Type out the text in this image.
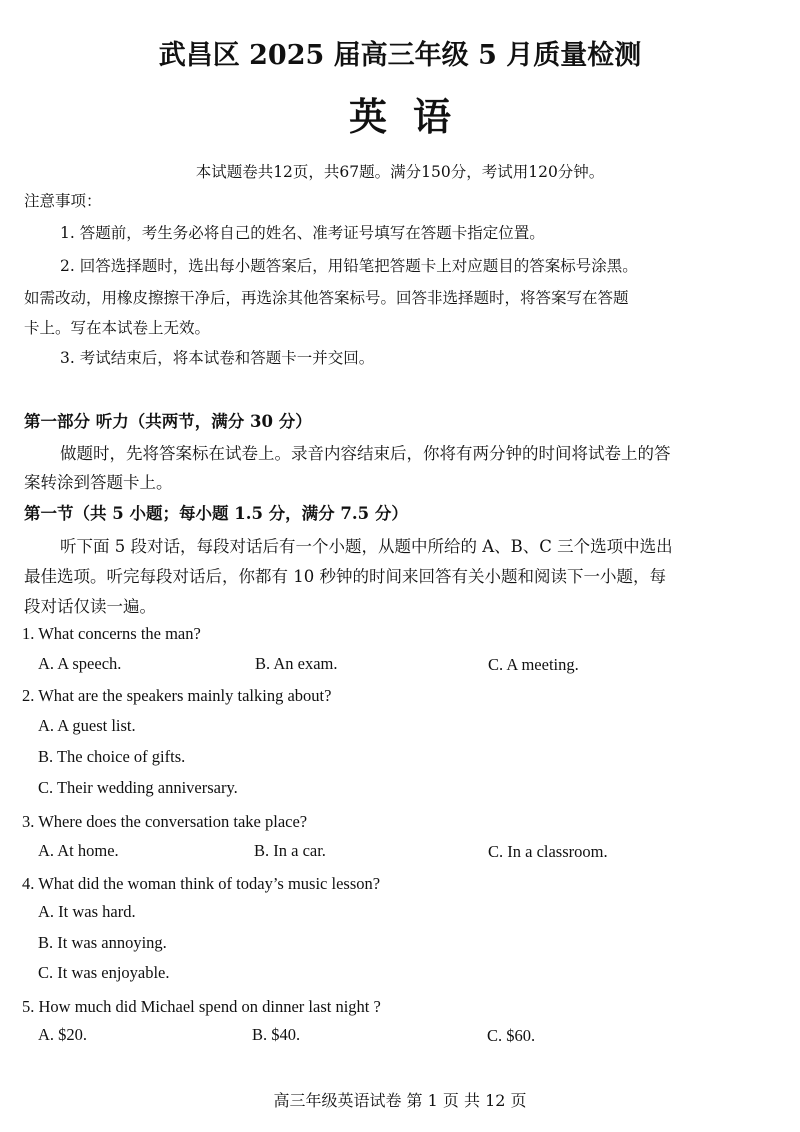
武昌区 2025 届高三年级 5 月质量检测
英语
本试题卷共12页，共67题。满分150分，考试用120分钟。
注意事项：
1. 答题前，考生务必将自己的姓名、准考证号填写在答题卡指定位置。
2. 回答选择题时，选出每小题答案后，用铅笔把答题卡上对应题目的答案标号涂黑。
如需改动，用橡皮擦擦干净后，再选涂其他答案标号。回答非选择题时，将答案写在答题
卡上。写在本试卷上无效。
3. 考试结束后，将本试卷和答题卡一并交回。
第一部分 听力（共两节，满分 30 分）
做题时，先将答案标在试卷上。录音内容结束后，你将有两分钟的时间将试卷上的答
案转涂到答题卡上。
第一节（共 5 小题；每小题 1.5 分，满分 7.5 分）
听下面 5 段对话，每段对话后有一个小题，从题中所给的 A、B、C 三个选项中选出
最佳选项。听完每段对话后，你都有 10 秒钟的时间来回答有关小题和阅读下一小题，每
段对话仅读一遍。
1. What concerns the man?
A. A speech.	B. An exam.	C. A meeting.
2. What are the speakers mainly talking about?
A. A guest list.
B. The choice of gifts.
C. Their wedding anniversary.
3. Where does the conversation take place?
A. At home.	B. In a car.	C. In a classroom.
4. What did the woman think of today’s music lesson?
A. It was hard.
B. It was annoying.
C. It was enjoyable.
5. How much did Michael spend on dinner last night ?
A. $20.	B. $40.	C. $60.
高三年级英语试卷 第 1 页 共 12 页
